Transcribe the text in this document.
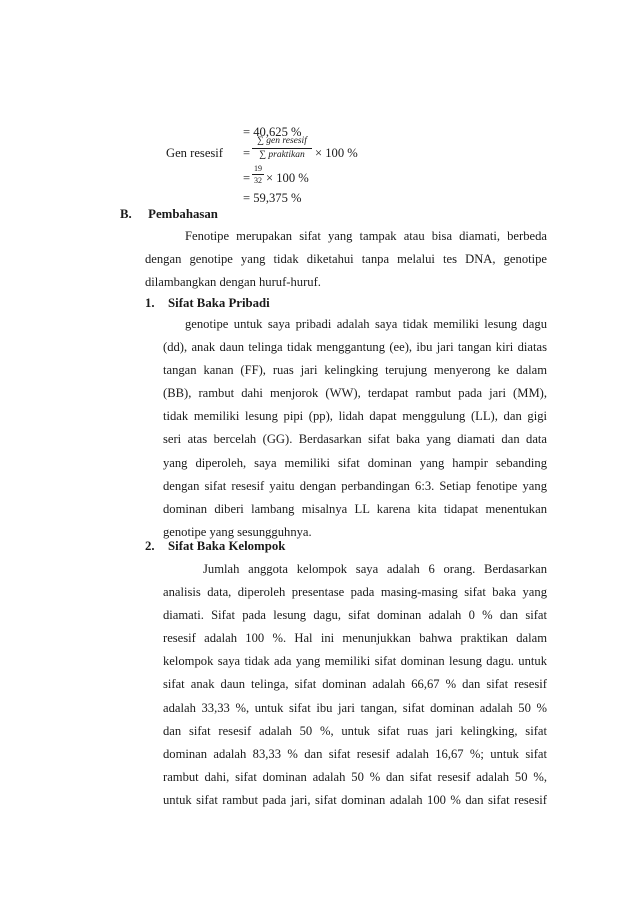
= 40,625 %
Gen resesif =
∑ gen resesif
∑ praktikan × 100 %
=
19
32 × 100 %
= 59,375 %
B. Pembahasan
Fenotipe merupakan sifat yang tampak atau bisa diamati, berbeda
dengan genotipe yang tidak diketahui tanpa melalui tes DNA, genotipe
dilambangkan dengan huruf-huruf.
1. Sifat Baka Pribadi
genotipe untuk saya pribadi adalah saya tidak memiliki lesung dagu
(dd), anak daun telinga tidak menggantung (ee), ibu jari tangan kiri diatas
tangan kanan (FF), ruas jari kelingking terujung menyerong ke dalam
(BB), rambut dahi menjorok (WW), terdapat rambut pada jari (MM),
tidak memiliki lesung pipi (pp), lidah dapat menggulung (LL), dan gigi
seri atas bercelah (GG). Berdasarkan sifat baka yang diamati dan data
yang diperoleh, saya memiliki sifat dominan yang hampir sebanding
dengan sifat resesif yaitu dengan perbandingan 6:3. Setiap fenotipe yang
dominan diberi lambang misalnya LL karena kita tidapat menentukan
genotipe yang sesungguhnya.
2. Sifat Baka Kelompok
Jumlah anggota kelompok saya adalah 6 orang. Berdasarkan
analisis data, diperoleh presentase pada masing-masing sifat baka yang
diamati. Sifat pada lesung dagu, sifat dominan adalah 0 % dan sifat
resesif adalah 100 %. Hal ini menunjukkan bahwa praktikan dalam
kelompok saya tidak ada yang memiliki sifat dominan lesung dagu. untuk
sifat anak daun telinga, sifat dominan adalah 66,67 % dan sifat resesif
adalah 33,33 %, untuk sifat ibu jari tangan, sifat dominan adalah 50 %
dan sifat resesif adalah 50 %, untuk sifat ruas jari kelingking, sifat
dominan adalah 83,33 % dan sifat resesif adalah 16,67 %; untuk sifat
rambut dahi, sifat dominan adalah 50 % dan sifat resesif adalah 50 %,
untuk sifat rambut pada jari, sifat dominan adalah 100 % dan sifat resesif
